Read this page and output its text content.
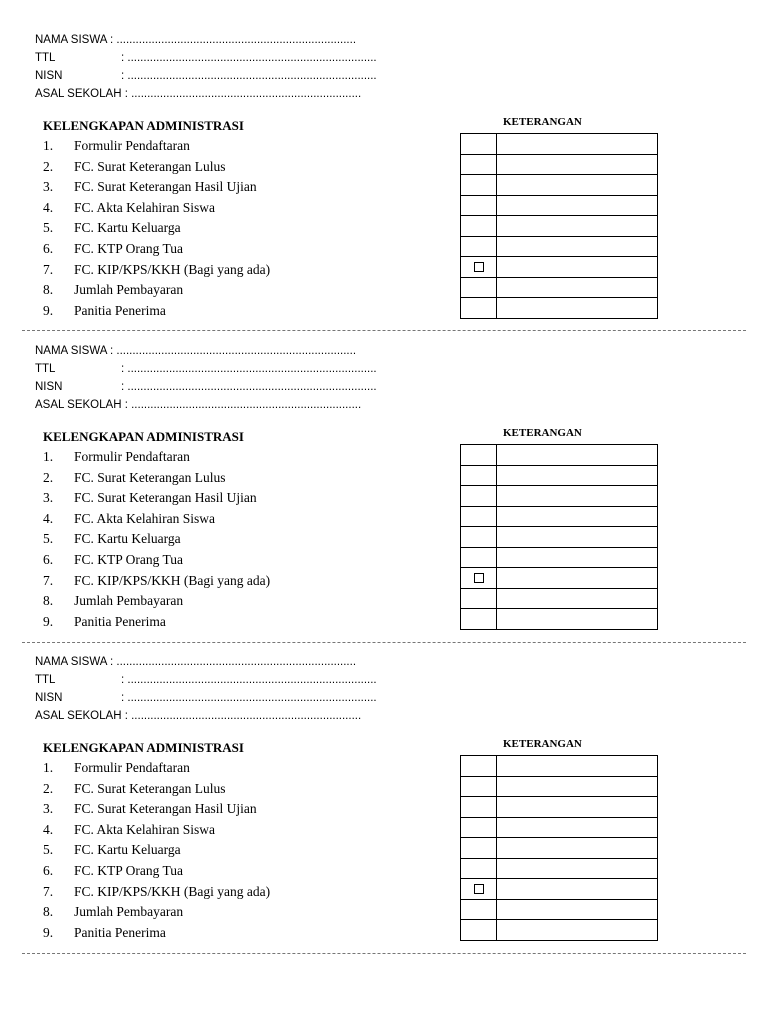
NAMA SISWA : ...........................................................................
TTL	: ..............................................................................
NISN	: ..............................................................................
ASAL SEKOLAH : ........................................................................
KELENGKAPAN ADMINISTRASI
1. Formulir Pendaftaran
2. FC. Surat Keterangan Lulus
3. FC. Surat Keterangan Hasil Ujian
4. FC. Akta Kelahiran Siswa
5. FC. Kartu Keluarga
6. FC. KTP Orang Tua
7. FC. KIP/KPS/KKH (Bagi yang ada)
8. Jumlah Pembayaran
9. Panitia Penerima
KETERANGAN

NAMA SISWA : ...........................................................................
TTL	: ..............................................................................
NISN	: ..............................................................................
ASAL SEKOLAH : ........................................................................
KELENGKAPAN ADMINISTRASI
1. Formulir Pendaftaran
2. FC. Surat Keterangan Lulus
3. FC. Surat Keterangan Hasil Ujian
4. FC. Akta Kelahiran Siswa
5. FC. Kartu Keluarga
6. FC. KTP Orang Tua
7. FC. KIP/KPS/KKH (Bagi yang ada)
8. Jumlah Pembayaran
9. Panitia Penerima
KETERANGAN

NAMA SISWA : ...........................................................................
TTL	: ..............................................................................
NISN	: ..............................................................................
ASAL SEKOLAH : ........................................................................
KELENGKAPAN ADMINISTRASI
1. Formulir Pendaftaran
2. FC. Surat Keterangan Lulus
3. FC. Surat Keterangan Hasil Ujian
4. FC. Akta Kelahiran Siswa
5. FC. Kartu Keluarga
6. FC. KTP Orang Tua
7. FC. KIP/KPS/KKH (Bagi yang ada)
8. Jumlah Pembayaran
9. Panitia Penerima
KETERANGAN
